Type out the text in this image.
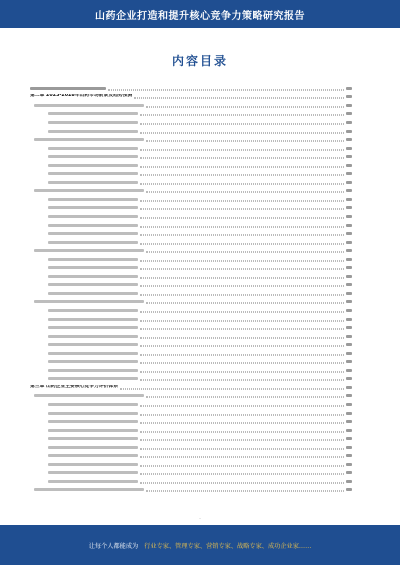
山药企业打造和提升核心竞争力策略研究报告
内容目录
第二章 2023-2028年山药市场前景及趋势预测
第三章 山药企业主要核心竞争力评价体系
·
让每个人都能成为 行业专家、管理专家、营销专家、战略专家、成功企业家……
